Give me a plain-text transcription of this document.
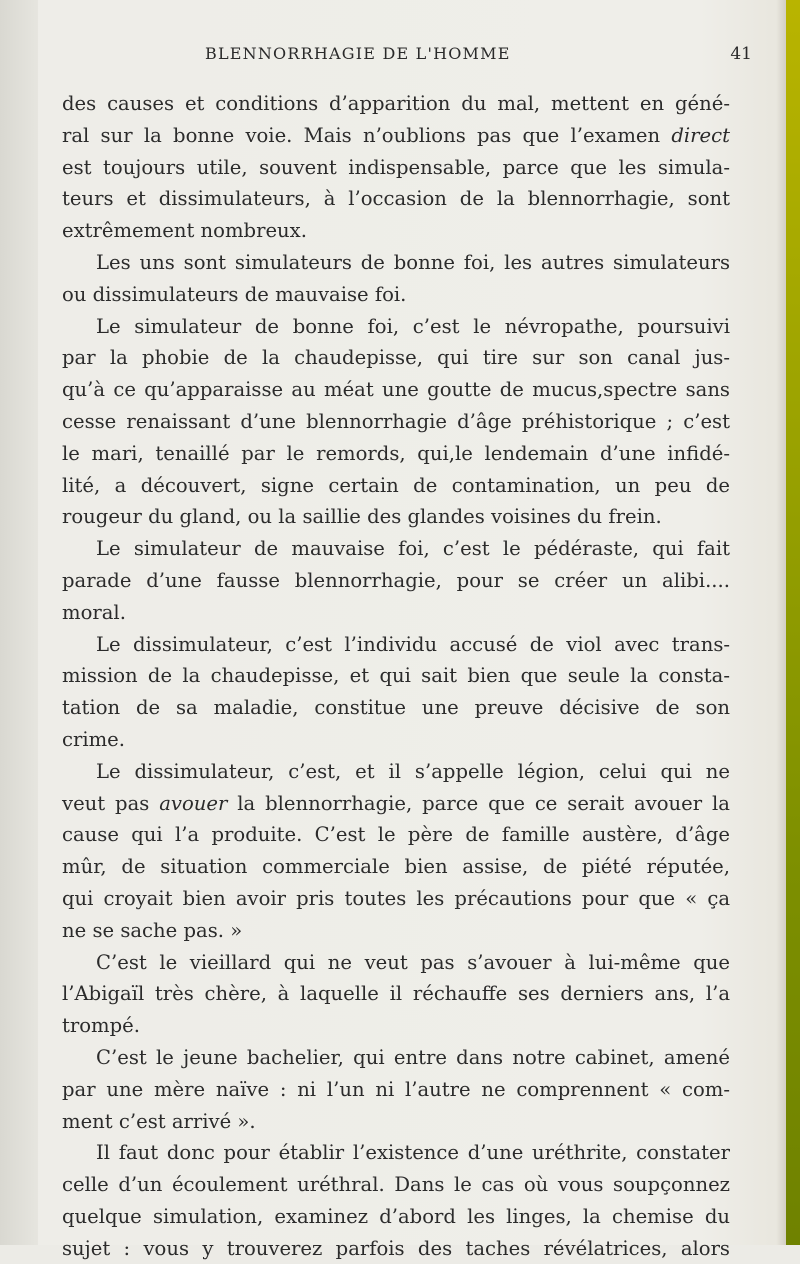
BLENNORRHAGIE DE L'HOMME	41

des causes et conditions d’apparition du mal, mettent en géné-
ral sur la bonne voie. Mais n’oublions pas que l’examen direct
est toujours utile, souvent indispensable, parce que les simula-
teurs et dissimulateurs, à l’occasion de la blennorrhagie, sont
extrêmement nombreux.

Les uns sont simulateurs de bonne foi, les autres simulateurs
ou dissimulateurs de mauvaise foi.

Le simulateur de bonne foi, c’est le névropathe, poursuivi
par la phobie de la chaudepisse, qui tire sur son canal jus-
qu’à ce qu’apparaisse au méat une goutte de mucus,spectre sans
cesse renaissant d’une blennorrhagie d’âge préhistorique ; c’est
le mari, tenaillé par le remords, qui,le lendemain d’une infidé-
lité, a découvert, signe certain de contamination, un peu de
rougeur du gland, ou la saillie des glandes voisines du frein.

Le simulateur de mauvaise foi, c’est le pédéraste, qui fait
parade d’une fausse blennorrhagie, pour se créer un alibi....
moral.

Le dissimulateur, c’est l’individu accusé de viol avec trans-
mission de la chaudepisse, et qui sait bien que seule la consta-
tation de sa maladie, constitue une preuve décisive de son
crime.

Le dissimulateur, c’est, et il s’appelle légion, celui qui ne
veut pas avouer la blennorrhagie, parce que ce serait avouer la
cause qui l’a produite. C’est le père de famille austère, d’âge
mûr, de situation commerciale bien assise, de piété réputée,
qui croyait bien avoir pris toutes les précautions pour que « ça
ne se sache pas. »

C’est le vieillard qui ne veut pas s’avouer à lui-même que
l’Abigaïl très chère, à laquelle il réchauffe ses derniers ans, l’a
trompé.

C’est le jeune bachelier, qui entre dans notre cabinet, amené
par une mère naïve : ni l’un ni l’autre ne comprennent « com-
ment c’est arrivé ».

Il faut donc pour établir l’existence d’une uréthrite, constater
celle d’un écoulement uréthral. Dans le cas où vous soupçonnez
quelque simulation, examinez d’abord les linges, la chemise du
sujet : vous y trouverez parfois des taches révélatrices, alors
